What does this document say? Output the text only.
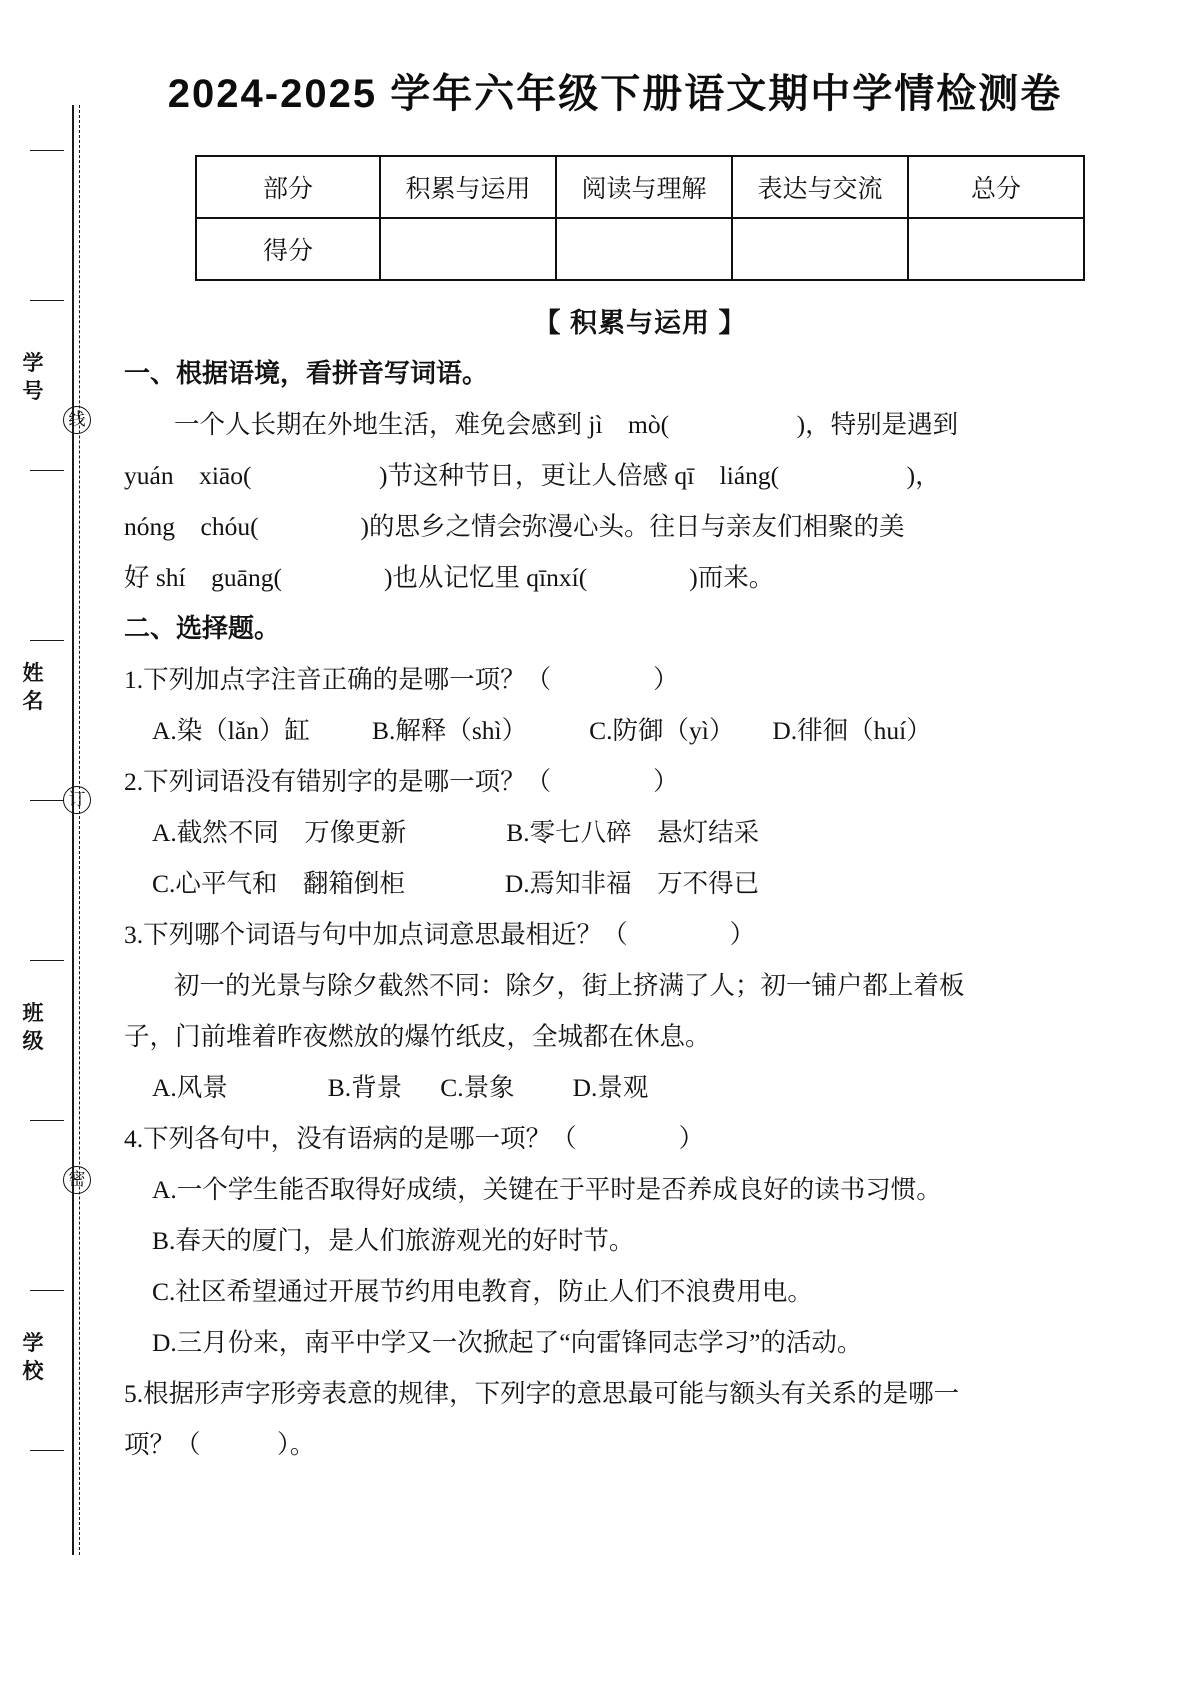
学 号
姓 名
班 级
学 校
线
订
密
2024-2025 学年六年级下册语文期中学情检测卷
部分	积累与运用	阅读与理解	表达与交流	总分
得分				
【 积累与运用 】

一、根据语境，看拼音写词语。

一个人长期在外地生活，难免会感到 jì　mò(　　　　　)，特别是遇到

yuán　xiāo(　　　　　)节这种节日，更让人倍感 qī　liáng(　　　　　)，

nóng　chóu(　　　　)的思乡之情会弥漫心头。往日与亲友们相聚的美

好 shí　guāng(　　　　)也从记忆里 qīnxí(　　　　)而来。

二、选择题。

1.下列加点字注音正确的是哪一项？（　　　　）

A.染（lǎn）缸 B.解释（shì） C.防御（yì） D.徘徊（huí）

2.下列词语没有错别字的是哪一项？（　　　　）

A.截然不同　万像更新	B.零七八碎　悬灯结采

C.心平气和　翻箱倒柜	D.焉知非福　万不得已

3.下列哪个词语与句中加点词意思最相近？（　　　　）

初一的光景与除夕截然不同：除夕，街上挤满了人；初一铺户都上着板

子，门前堆着昨夜燃放的爆竹纸皮，全城都在休息。

A.风景	B.背景 C.景象 D.景观

4.下列各句中，没有语病的是哪一项？（　　　　）

A.一个学生能否取得好成绩，关键在于平时是否养成良好的读书习惯。

B.春天的厦门，是人们旅游观光的好时节。

C.社区希望通过开展节约用电教育，防止人们不浪费用电。

D.三月份来，南平中学又一次掀起了“向雷锋同志学习”的活动。

5.根据形声字形旁表意的规律，下列字的意思最可能与额头有关系的是哪一

项？（　　　）。
